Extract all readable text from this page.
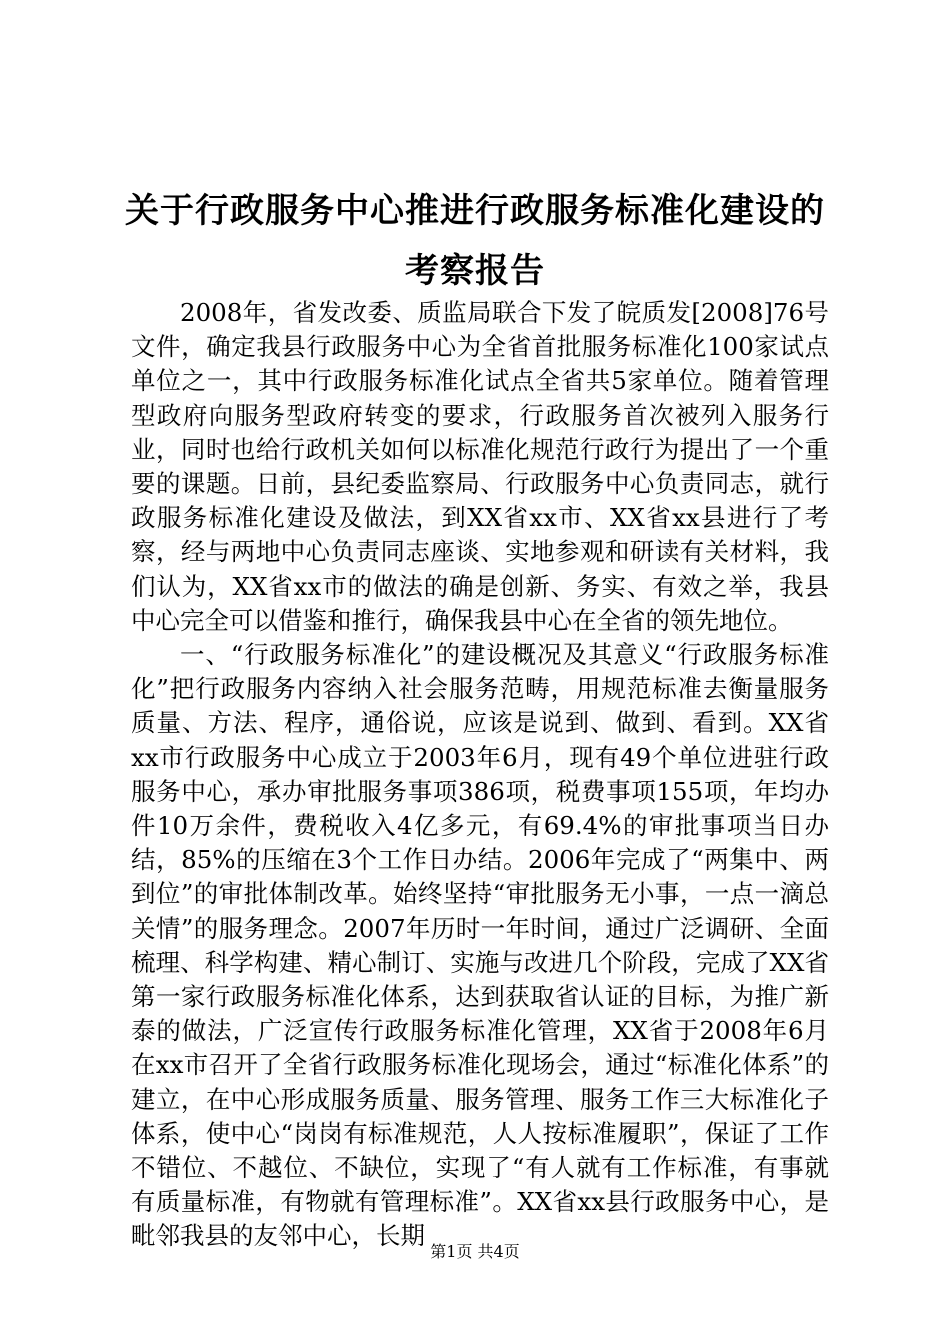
关于行政服务中心推进行政服务标准化建设的
考察报告

2008年，省发改委、质监局联合下发了皖质发[2008]76号文件，确定我县行政服务中心为全省首批服务标准化100家试点单位之一，其中行政服务标准化试点全省共5家单位。随着管理型政府向服务型政府转变的要求，行政服务首次被列入服务行业，同时也给行政机关如何以标准化规范行政行为提出了一个重要的课题。日前，县纪委监察局、行政服务中心负责同志，就行政服务标准化建设及做法，到XX省xx市、XX省xx县进行了考察，经与两地中心负责同志座谈、实地参观和研读有关材料，我们认为，XX省xx市的做法的确是创新、务实、有效之举，我县中心完全可以借鉴和推行，确保我县中心在全省的领先地位。

一、“行政服务标准化”的建设概况及其意义“行政服务标准化”把行政服务内容纳入社会服务范畴，用规范标准去衡量服务质量、方法、程序，通俗说，应该是说到、做到、看到。XX省xx市行政服务中心成立于2003年6月，现有49个单位进驻行政服务中心，承办审批服务事项386项，税费事项155项，年均办件10万余件，费税收入4亿多元，有69.4%的审批事项当日办结，85%的压缩在3个工作日办结。2006年完成了“两集中、两到位”的审批体制改革。始终坚持“审批服务无小事，一点一滴总关情”的服务理念。2007年历时一年时间，通过广泛调研、全面梳理、科学构建、精心制订、实施与改进几个阶段，完成了XX省第一家行政服务标准化体系，达到获取省认证的目标，为推广新泰的做法，广泛宣传行政服务标准化管理，XX省于2008年6月在xx市召开了全省行政服务标准化现场会，通过“标准化体系”的建立，在中心形成服务质量、服务管理、服务工作三大标准化子体系，使中心“岗岗有标准规范，人人按标准履职”，保证了工作不错位、不越位、不缺位，实现了“有人就有工作标准，有事就有质量标准，有物就有管理标准”。XX省xx县行政服务中心，是毗邻我县的友邻中心，长期

第1页 共4页
